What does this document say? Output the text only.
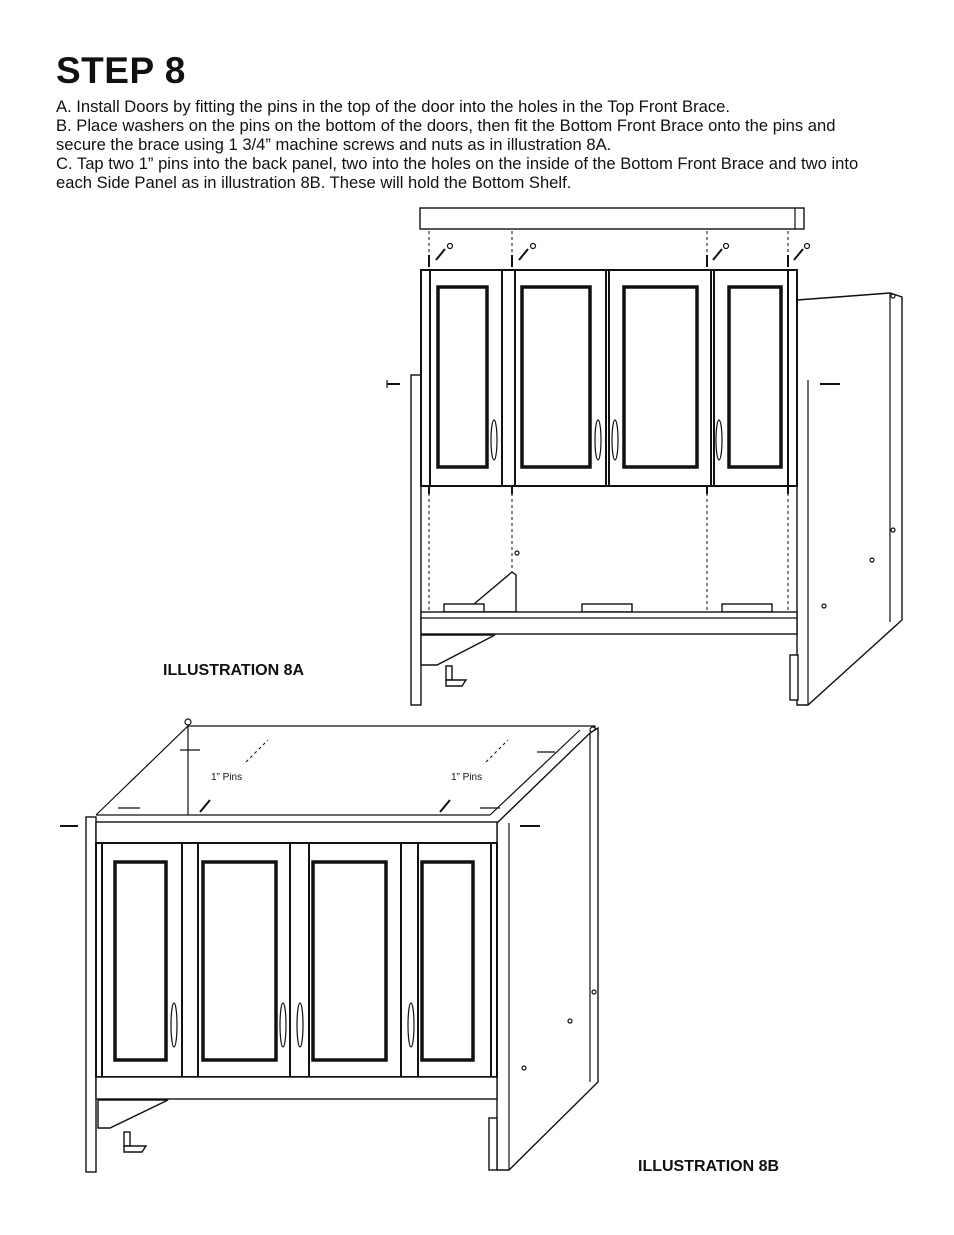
STEP 8

A. Install Doors by fitting the pins in the top of the door into the holes in the Top Front Brace.

B. Place washers on the pins on the bottom of the doors, then fit the Bottom Front Brace onto the pins and secure the brace using 1 3/4” machine screws and nuts as in illustration 8A.

C. Tap two 1” pins into the back panel, two into the holes on the inside of the Bottom Front Brace and two into each Side Panel as in illustration 8B. These will hold the Bottom Shelf.

ILLUSTRATION 8A
1” Pins	1” Pins
ILLUSTRATION 8B
